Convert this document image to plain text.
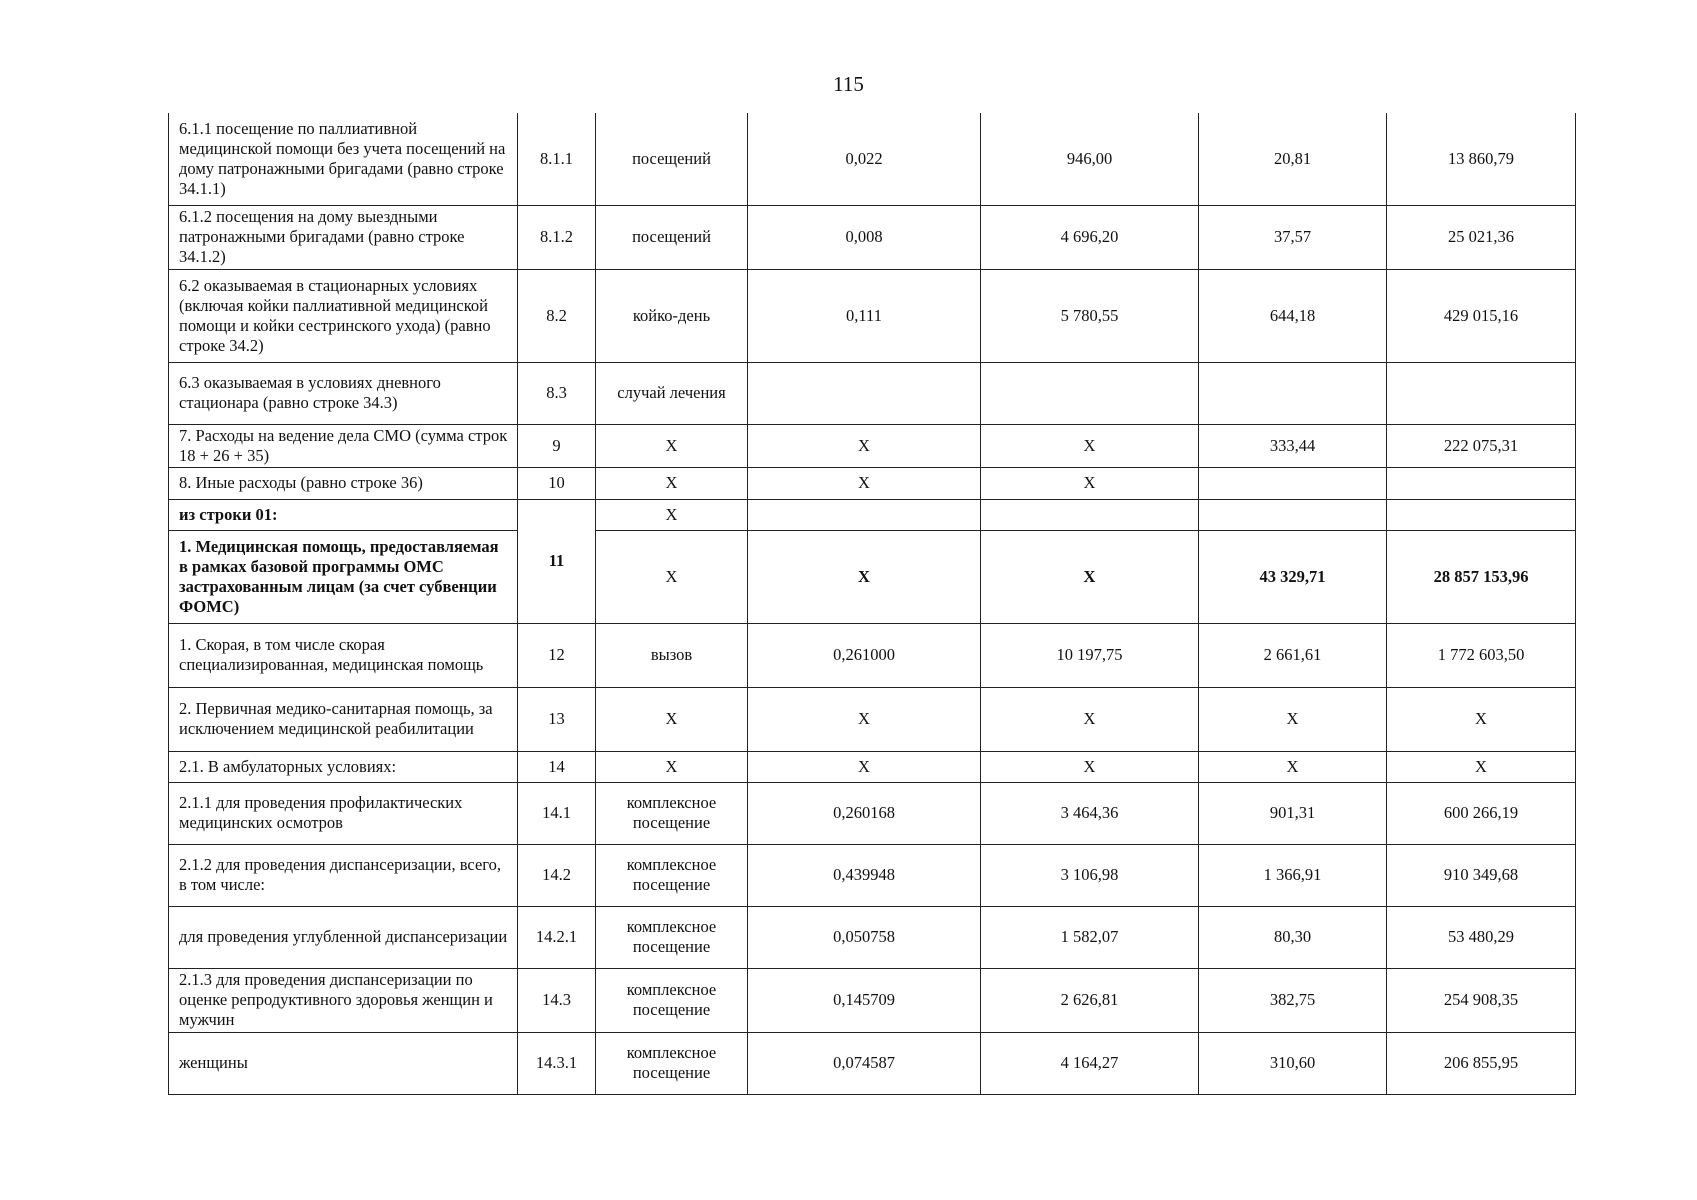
115
6.1.1 посещение по паллиативной медицинской помощи без учета посещений на дому патронажными бригадами (равно строке 34.1.1)	8.1.1	посещений	0,022	946,00	20,81	13 860,79
6.1.2 посещения на дому выездными патронажными бригадами (равно строке 34.1.2)	8.1.2	посещений	0,008	4 696,20	37,57	25 021,36
6.2 оказываемая в стационарных условиях (включая койки паллиативной медицинской помощи и койки сестринского ухода) (равно строке 34.2)	8.2	койко-день	0,111	5 780,55	644,18	429 015,16
6.3 оказываемая в условиях дневного стационара (равно строке 34.3)	8.3	случай лечения				
7. Расходы на ведение дела СМО (сумма строк 18 + 26 + 35)	9	X	X	X	333,44	222 075,31
8. Иные расходы (равно строке 36)	10	X	X	X		
из строки 01:	11	X				
1. Медицинская помощь, предоставляемая в рамках базовой программы ОМС застрахованным лицам (за счет субвенции ФОМС)		X	X	X	43 329,71	28 857 153,96
1. Скорая, в том числе скорая специализированная, медицинская помощь	12	вызов	0,261000	10 197,75	2 661,61	1 772 603,50
2. Первичная медико-санитарная помощь, за исключением медицинской реабилитации	13	X	X	X	X	X
2.1. В амбулаторных условиях:	14	X	X	X	X	X
2.1.1 для проведения профилактических медицинских осмотров	14.1	комплексное посещение	0,260168	3 464,36	901,31	600 266,19
2.1.2 для проведения диспансеризации, всего, в том числе:	14.2	комплексное посещение	0,439948	3 106,98	1 366,91	910 349,68
для проведения углубленной диспансеризации	14.2.1	комплексное посещение	0,050758	1 582,07	80,30	53 480,29
2.1.3 для проведения диспансеризации по оценке репродуктивного здоровья женщин и мужчин	14.3	комплексное посещение	0,145709	2 626,81	382,75	254 908,35
женщины	14.3.1	комплексное посещение	0,074587	4 164,27	310,60	206 855,95
